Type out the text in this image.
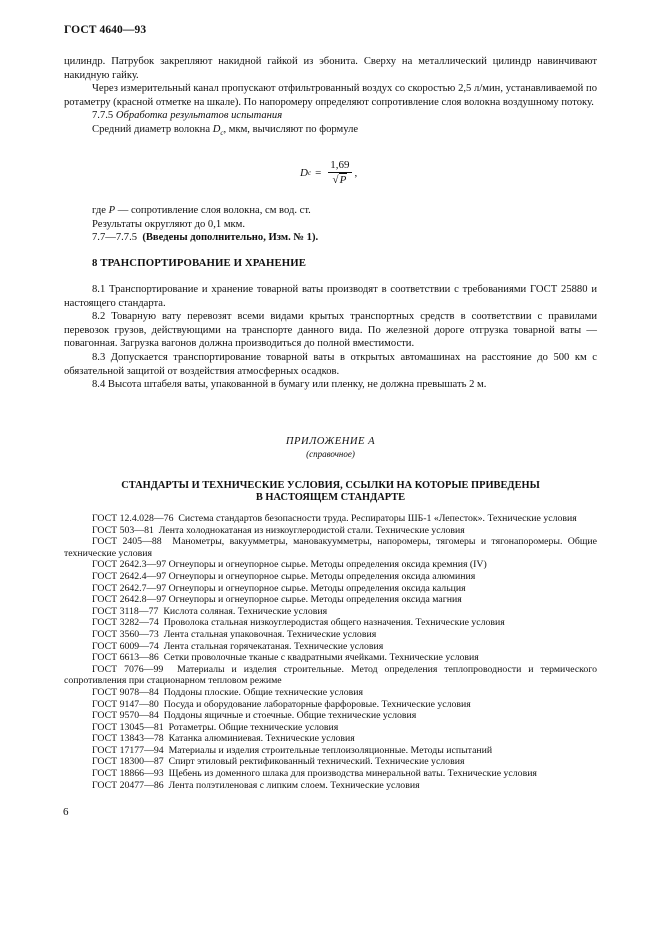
ГОСТ 4640—93

цилиндр. Патрубок закрепляют накидной гайкой из эбонита. Сверху на металлический цилиндр навинчивают накидную гайку.

Через измерительный канал пропускают отфильтрованный воздух со скоростью 2,5 л/мин, устанавливаемой по ротаметру (красной отметке на шкале). По напоромеру определяют сопротивление слоя волокна воздушному потоку.

7.7.5 Обработка результатов испытания

Средний диаметр волокна $D_c$, мкм, вычисляют по формуле

D $c = \frac{1,69}{√P}$ ,

где P — сопротивление слоя волокна, см вод. ст.

Результаты округляют до 0,1 мкм.

7.7—7.7.5 (Введены дополнительно, Изм. № 1).

8 ТРАНСПОРТИРОВАНИЕ И ХРАНЕНИЕ

8.1 Транспортирование и хранение товарной ваты производят в соответствии с требованиями ГОСТ 25880 и настоящего стандарта.

8.2 Товарную вату перевозят всеми видами крытых транспортных средств в соответствии с правилами перевозок грузов, действующими на транспорте данного вида. По железной дороге отгрузка товарной ваты — повагонная. Загрузка вагонов должна производиться до полной вместимости.

8.3 Допускается транспортирование товарной ваты в открытых автомашинах на расстояние до 500 км с обязательной защитой от воздействия атмосферных осадков.

8.4 Высота штабеля ваты, упакованной в бумагу или пленку, не должна превышать 2 м.

ПРИЛОЖЕНИЕ А
(справочное)
СТАНДАРТЫ И ТЕХНИЧЕСКИЕ УСЛОВИЯ, ССЫЛКИ НА КОТОРЫЕ ПРИВЕДЕНЫ
В НАСТОЯЩЕМ СТАНДАРТЕ

ГОСТ 12.4.028—76 Система стандартов безопасности труда. Респираторы ШБ-1 «Лепесток». Технические условия

ГОСТ 503—81 Лента холоднокатаная из низкоуглеродистой стали. Технические условия

ГОСТ 2405—88 Манометры, вакуумметры, мановакуумметры, напоромеры, тягомеры и тягонапоромеры. Общие технические условия

ГОСТ 2642.3—97 Огнеупоры и огнеупорное сырье. Методы определения оксида кремния (IV)

ГОСТ 2642.4—97 Огнеупоры и огнеупорное сырье. Методы определения оксида алюминия

ГОСТ 2642.7—97 Огнеупоры и огнеупорное сырье. Методы определения оксида кальция

ГОСТ 2642.8—97 Огнеупоры и огнеупорное сырье. Методы определения оксида магния

ГОСТ 3118—77 Кислота соляная. Технические условия

ГОСТ 3282—74 Проволока стальная низкоуглеродистая общего назначения. Технические условия

ГОСТ 3560—73 Лента стальная упаковочная. Технические условия

ГОСТ 6009—74 Лента стальная горячекатаная. Технические условия

ГОСТ 6613—86 Сетки проволочные тканые с квадратными ячейками. Технические условия

ГОСТ 7076—99 Материалы и изделия строительные. Метод определения теплопроводности и термического сопротивления при стационарном тепловом режиме

ГОСТ 9078—84 Поддоны плоские. Общие технические условия

ГОСТ 9147—80 Посуда и оборудование лабораторные фарфоровые. Технические условия

ГОСТ 9570—84 Поддоны ящичные и стоечные. Общие технические условия

ГОСТ 13045—81 Ротаметры. Общие технические условия

ГОСТ 13843—78 Катанка алюминиевая. Технические условия

ГОСТ 17177—94 Материалы и изделия строительные теплоизоляционные. Методы испытаний

ГОСТ 18300—87 Спирт этиловый ректификованный технический. Технические условия

ГОСТ 18866—93 Щебень из доменного шлака для производства минеральной ваты. Технические условия

ГОСТ 20477—86 Лента полэтиленовая с липким слоем. Технические условия

6
